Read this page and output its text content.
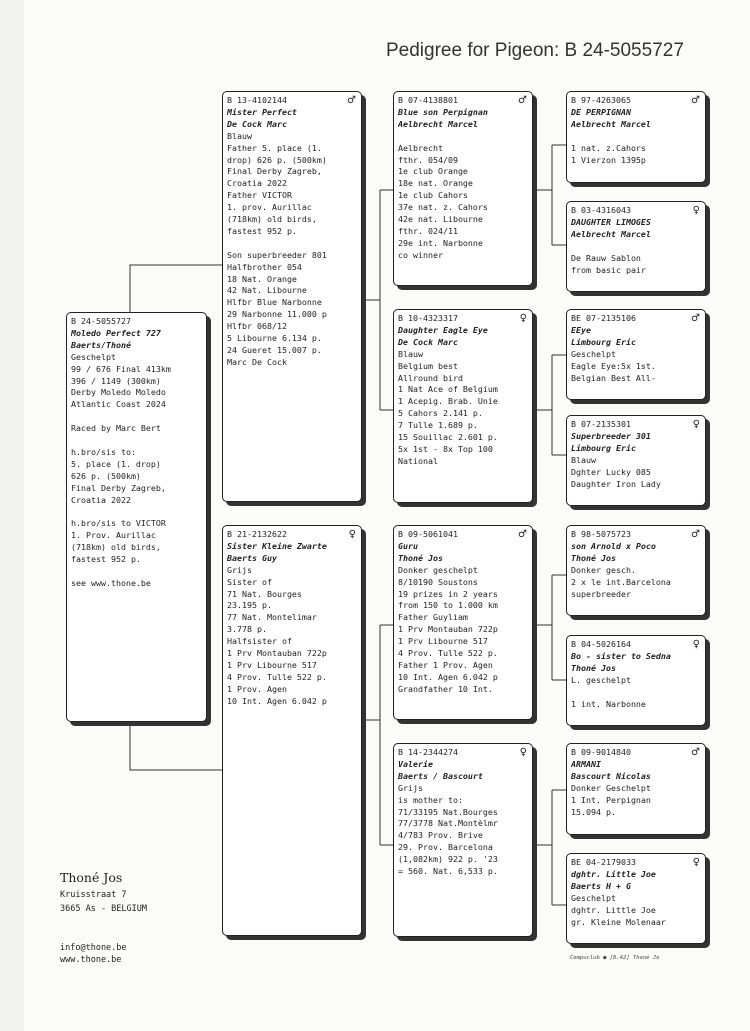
Pedigree for Pigeon: B 24-5055727
B 24-5055727
Moledo Perfect 727
Baerts/Thoné
Geschelpt
99 / 676 Final 413km
396 / 1149 (300km)
Derby Moledo Moledo
Atlantic Coast 2024
Raced by Marc Bert
h.bro/sis to:
5. place (1. drop)
626 p. (500km)
Final Derby Zagreb,
Croatia 2022
h.bro/sis to VICTOR
1. Prov. Aurillac
(718km) old birds,
fastest 952 p.
see www.thone.be
B 13-4102144	♂
Mister Perfect
De Cock Marc
Blauw
Father 5. place (1.
drop) 626 p. (500km)
Final Derby Zagreb,
Croatia 2022
Father VICTOR
1. prov. Aurillac
(718km) old birds,
fastest 952 p.
Son superbreeder 801
Halfbrother 054
18 Nat. Orange
42 Nat. Libourne
Hlfbr Blue Narbonne
29 Narbonne 11.000 p
Hlfbr 068/12
5 Libourne 6.134 p.
24 Gueret 15.007 p.
Marc De Cock
B 21-2132622	♀
Sister Kleine Zwarte
Baerts Guy
Grijs
Sister of
71 Nat. Bourges
23.195 p.
77 Nat. Montelimar
3.778 p.
Halfsister of
1 Prv Montauban 722p
1 Prv Libourne 517
4 Prov. Tulle 522 p.
1 Prov. Agen
10 Int. Agen 6.042 p
B 07-4138801	♂
Blue son Perpignan
Aelbrecht Marcel
Aelbrecht
fthr. 054/09
1e club Orange
18e nat. Orange
1e club Cahors
37e nat. z. Cahors
42e nat. Libourne
fthr. 024/11
29e int. Narbonne
co winner
B 10-4323317	♀
Daughter Eagle Eye
De Cock Marc
Blauw
Belgium best
Allround bird
1 Nat Ace of Belgium
1 Acepig. Brab. Unie
5 Cahors 2.141 p.
7 Tulle 1.689 p.
15 Souillac 2.601 p.
5x 1st - 8x Top 100
National
B 09-5061041	♂
Guru
Thoné Jos
Donker geschelpt
8/10190 Soustons
19 prizes in 2 years
from 150 to 1.000 km
Father Guyliam
1 Prv Montauban 722p
1 Prv Libourne 517
4 Prov. Tulle 522 p.
Father 1 Prov. Agen
10 Int. Agen 6.042 p
Grandfather 10 Int.
B 14-2344274	♀
Valerie
Baerts / Bascourt
Grijs
is mother to:
71/33195 Nat.Bourges
77/3778 Nat.Montèlmr
4/783 Prov. Brive
29. Prov. Barcelona
(1,082km) 922 p. '23
= 560. Nat. 6,533 p.
B 97-4263065	♂
DE PERPIGNAN
Aelbrecht Marcel
1 nat. z.Cahors
1 Vierzon 1395p
B 03-4316043	♀
DAUGHTER LIMOGES
Aelbrecht Marcel
De Rauw Sablon
from basic pair
BE 07-2135106	♂
EEye
Limbourg Eric
Geschelpt
Eagle Eye:5x 1st.
Belgian Best All-
B 07-2135301	♀
Superbreeder 301
Limbourg Eric
Blauw
Dghter Lucky 085
Daughter Iron Lady
B 98-5075723	♂
son Arnold x Poco
Thoné Jos
Donker gesch.
2 x le int.Barcelona
superbreeder
B 04-5026164	♀
Bo - sister to Sedna
Thoné Jos
L. geschelpt
1 int. Narbonne
B 09-9014840	♂
ARMANI
Bascourt Nicolas
Donker Geschelpt
1 Int. Perpignan
15.094 p.
BE 04-2179033	♀
dghtr. Little Joe
Baerts H + G
Geschelpt
dghtr. Little Joe
gr. Kleine Molenaar
Thoné Jos
Kruisstraat 7
3665 As - BELGIUM
info@thone.be
www.thone.be	Compuclub ● [8.42] Thoné Jo
